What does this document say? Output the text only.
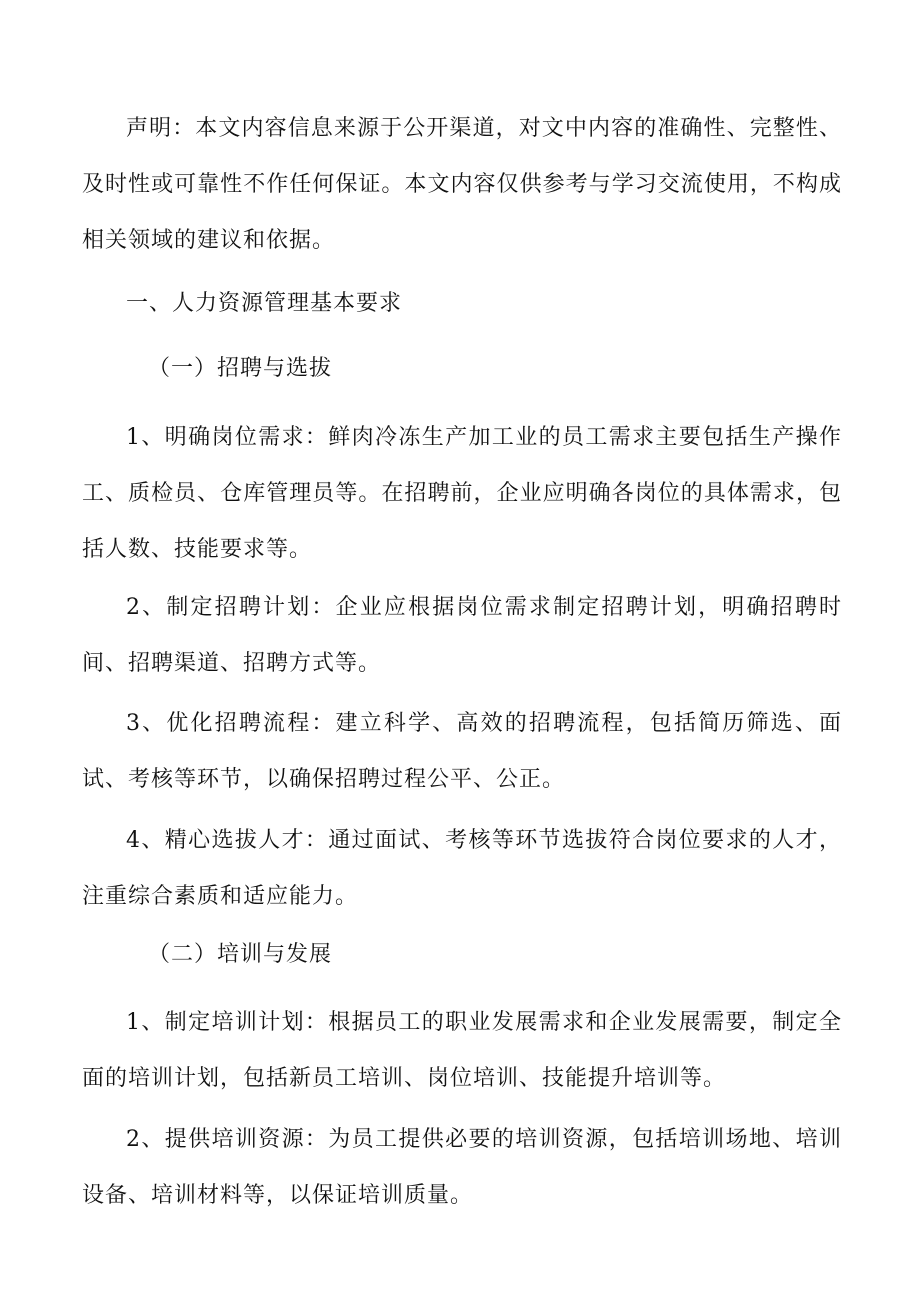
声明：本文内容信息来源于公开渠道，对文中内容的准确性、完整性、及时性或可靠性不作任何保证。本文内容仅供参考与学习交流使用，不构成相关领域的建议和依据。

一、人力资源管理基本要求

（一）招聘与选拔

1、明确岗位需求：鲜肉冷冻生产加工业的员工需求主要包括生产操作工、质检员、仓库管理员等。在招聘前，企业应明确各岗位的具体需求，包括人数、技能要求等。

2、制定招聘计划：企业应根据岗位需求制定招聘计划，明确招聘时间、招聘渠道、招聘方式等。

3、优化招聘流程：建立科学、高效的招聘流程，包括简历筛选、面试、考核等环节，以确保招聘过程公平、公正。

4、精心选拔人才：通过面试、考核等环节选拔符合岗位要求的人才，注重综合素质和适应能力。

（二）培训与发展

1、制定培训计划：根据员工的职业发展需求和企业发展需要，制定全面的培训计划，包括新员工培训、岗位培训、技能提升培训等。

2、提供培训资源：为员工提供必要的培训资源，包括培训场地、培训设备、培训材料等，以保证培训质量。
